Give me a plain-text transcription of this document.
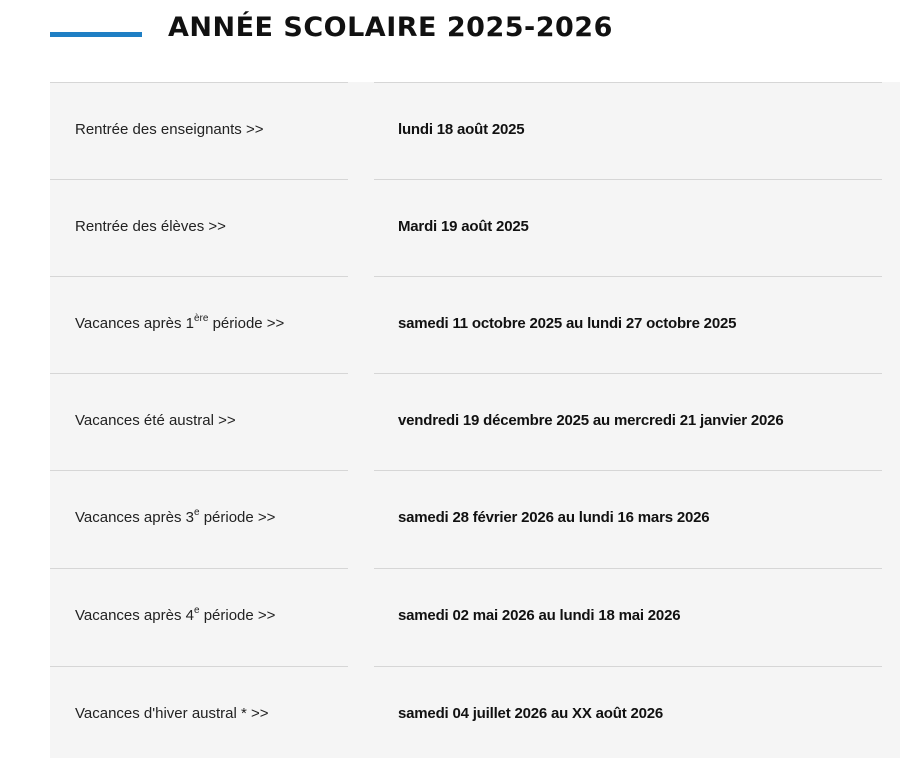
ANNÉE SCOLAIRE 2025-2026
Rentrée des enseignants >>	lundi 18 août 2025
Rentrée des élèves >>	Mardi 19 août 2025
Vacances après 1ère période >>	samedi 11 octobre 2025 au lundi 27 octobre 2025
Vacances été austral >>	vendredi 19 décembre 2025 au mercredi 21 janvier 2026
Vacances après 3e période >>	samedi 28 février 2026 au lundi 16 mars 2026
Vacances après 4e période >>	samedi 02 mai 2026 au lundi 18 mai 2026
Vacances d'hiver austral * >>	samedi 04 juillet 2026 au XX août 2026
